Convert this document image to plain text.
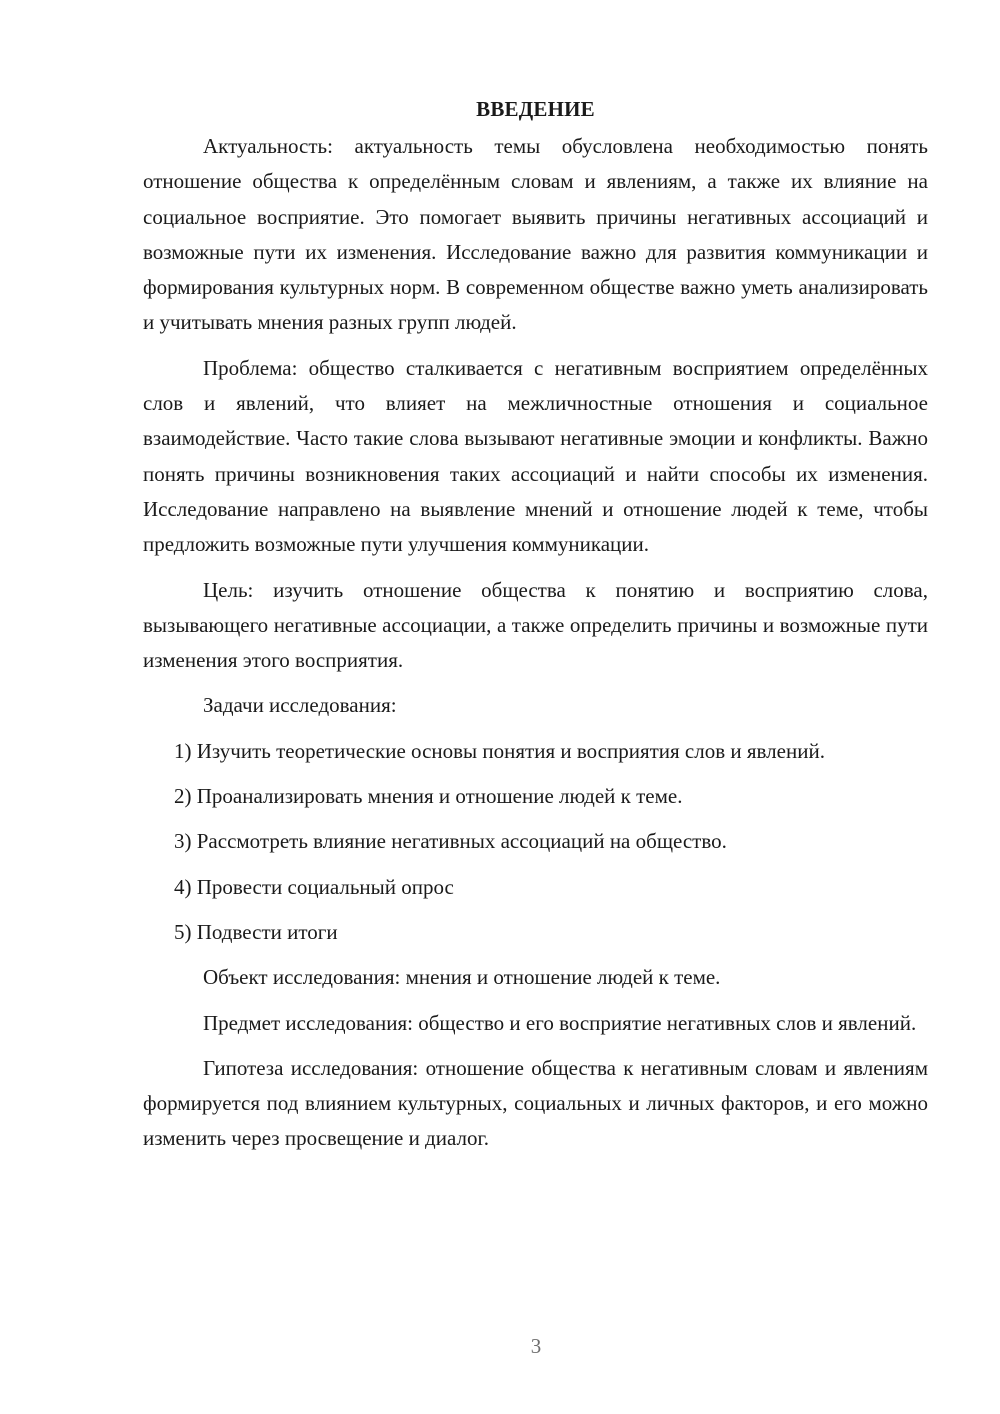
ВВЕДЕНИЕ

Актуальность: актуальность темы обусловлена необходимостью понять отношение общества к определённым словам и явлениям, а также их влияние на социальное восприятие. Это помогает выявить причины негативных ассоциаций и возможные пути их изменения. Исследование важно для развития коммуникации и формирования культурных норм. В современном обществе важно уметь анализировать и учитывать мнения разных групп людей.

Проблема: общество сталкивается с негативным восприятием определённых слов и явлений, что влияет на межличностные отношения и социальное взаимодействие. Часто такие слова вызывают негативные эмоции и конфликты. Важно понять причины возникновения таких ассоциаций и найти способы их изменения. Исследование направлено на выявление мнений и отношение людей к теме, чтобы предложить возможные пути улучшения коммуникации.

Цель: изучить отношение общества к понятию и восприятию слова, вызывающего негативные ассоциации, а также определить причины и возможные пути изменения этого восприятия.

Задачи исследования:

1) Изучить теоретические основы понятия и восприятия слов и явлений.

2) Проанализировать мнения и отношение людей к теме.

3) Рассмотреть влияние негативных ассоциаций на общество.

4) Провести социальный опрос

5) Подвести итоги

Объект исследования: мнения и отношение людей к теме.

Предмет исследования: общество и его восприятие негативных слов и явлений.

Гипотеза исследования: отношение общества к негативным словам и явлениям формируется под влиянием культурных, социальных и личных факторов, и его можно изменить через просвещение и диалог.

3
